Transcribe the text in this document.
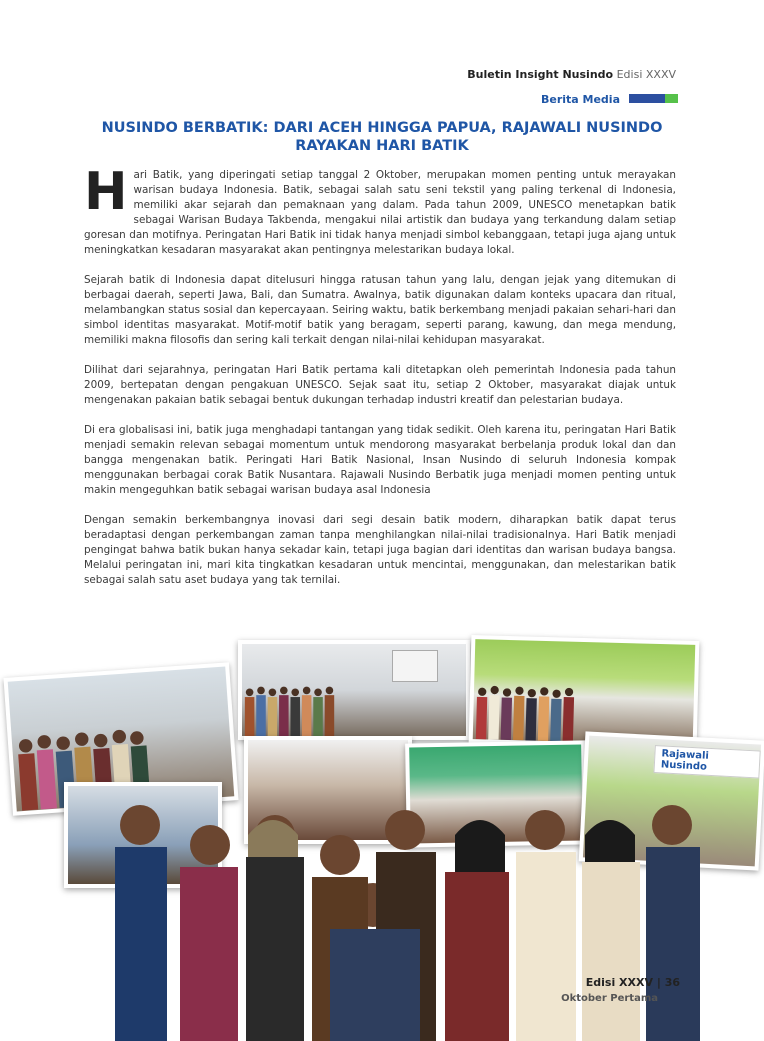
Buletin Insight Nusindo Edisi XXXV
Berita Media
NUSINDO BERBATIK: DARI ACEH HINGGA PAPUA, RAJAWALI NUSINDO RAYAKAN HARI BATIK

Hari Batik, yang diperingati setiap tanggal 2 Oktober, merupakan momen penting untuk merayakan warisan budaya Indonesia. Batik, sebagai salah satu seni tekstil yang paling terkenal di Indonesia, memiliki akar sejarah dan pemaknaan yang dalam. Pada tahun 2009, UNESCO menetapkan batik sebagai Warisan Budaya Takbenda, mengakui nilai artistik dan budaya yang terkandung dalam setiap goresan dan motifnya. Peringatan Hari Batik ini tidak hanya menjadi simbol kebanggaan, tetapi juga ajang untuk meningkatkan kesadaran masyarakat akan pentingnya melestarikan budaya lokal.

Sejarah batik di Indonesia dapat ditelusuri hingga ratusan tahun yang lalu, dengan jejak yang ditemukan di berbagai daerah, seperti Jawa, Bali, dan Sumatra. Awalnya, batik digunakan dalam konteks upacara dan ritual, melambangkan status sosial dan kepercayaan. Seiring waktu, batik berkembang menjadi pakaian sehari-hari dan simbol identitas masyarakat. Motif-motif batik yang beragam, seperti parang, kawung, dan mega mendung, memiliki makna filosofis dan sering kali terkait dengan nilai-nilai kehidupan masyarakat.

Dilihat dari sejarahnya, peringatan Hari Batik pertama kali ditetapkan oleh pemerintah Indonesia pada tahun 2009, bertepatan dengan pengakuan UNESCO. Sejak saat itu, setiap 2 Oktober, masyarakat diajak untuk mengenakan pakaian batik sebagai bentuk dukungan terhadap industri kreatif dan pelestarian budaya.

Di era globalisasi ini, batik juga menghadapi tantangan yang tidak sedikit. Oleh karena itu, peringatan Hari Batik menjadi semakin relevan sebagai momentum untuk mendorong masyarakat berbelanja produk lokal dan dan bangga mengenakan batik. Peringati Hari Batik Nasional, Insan Nusindo di seluruh Indonesia kompak menggunakan berbagai corak Batik Nusantara. Rajawali Nusindo Berbatik juga menjadi momen penting untuk makin mengeguhkan batik sebagai warisan budaya asal Indonesia

Dengan semakin berkembangnya inovasi dari segi desain batik modern, diharapkan batik dapat terus beradaptasi dengan perkembangan zaman tanpa menghilangkan nilai-nilai tradisionalnya. Hari Batik menjadi pengingat bahwa batik bukan hanya sekadar kain, tetapi juga bagian dari identitas dan warisan budaya bangsa. Melalui peringatan ini, mari kita tingkatkan kesadaran untuk mencintai, menggunakan, dan melestarikan batik sebagai salah satu aset budaya yang tak ternilai.

Rajawali Nusindo
Edisi XXXV | 36
Oktober Pertama
